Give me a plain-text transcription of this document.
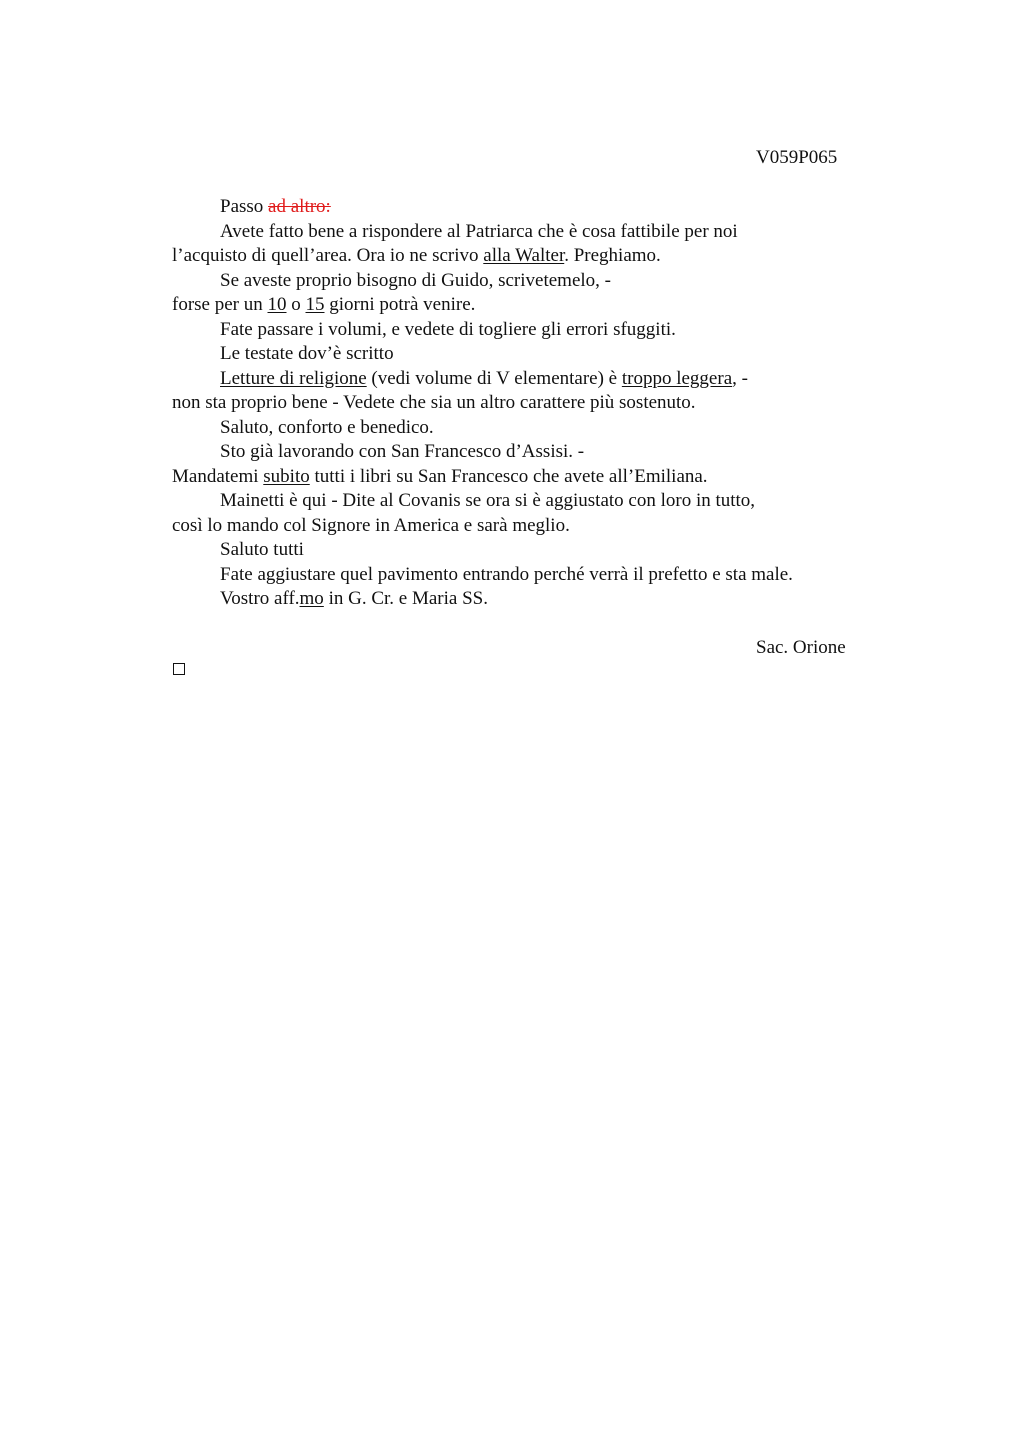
V059P065
Passo ad altro:
Avete fatto bene a rispondere al Patriarca che è cosa fattibile per noi
l’acquisto di quell’area. Ora io ne scrivo alla Walter. Preghiamo.
Se aveste proprio bisogno di Guido, scrivetemelo, -
forse per un 10 o 15 giorni potrà venire.
Fate passare i volumi, e vedete di togliere gli errori sfuggiti.
Le testate dov’è scritto
Letture di religione (vedi volume di V elementare) è troppo leggera, -
non sta proprio bene - Vedete che sia un altro carattere più sostenuto.
Saluto, conforto e benedico.
Sto già lavorando con San Francesco d’Assisi. -
Mandatemi subito tutti i libri su San Francesco che avete all’Emiliana.
Mainetti è qui - Dite al Covanis se ora si è aggiustato con loro in tutto,
così lo mando col Signore in America e sarà meglio.
Saluto tutti
Fate aggiustare quel pavimento entrando perché verrà il prefetto e sta male.
Vostro aff.mo in G. Cr. e Maria SS.
Sac. Orione
